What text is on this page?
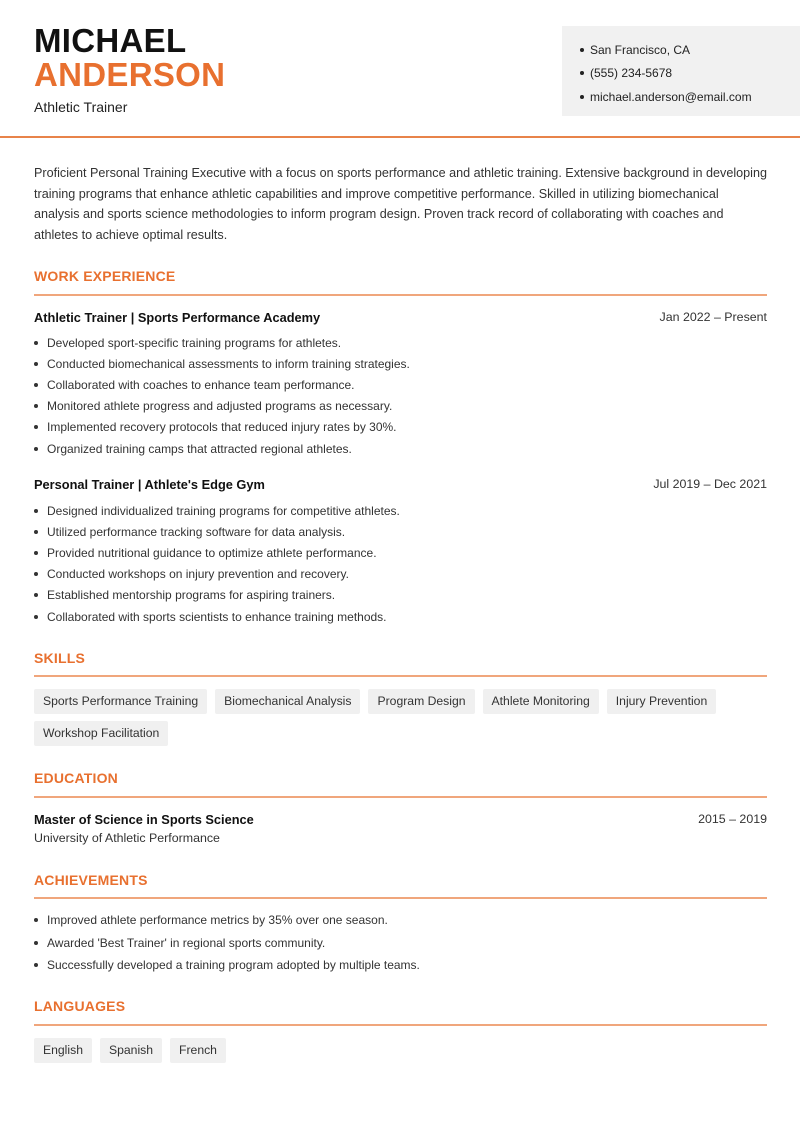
MICHAEL
ANDERSON
Athletic Trainer
San Francisco, CA
(555) 234-5678
michael.anderson@email.com

Proficient Personal Training Executive with a focus on sports performance and athletic training. Extensive background in developing training programs that enhance athletic capabilities and improve competitive performance. Skilled in utilizing biomechanical analysis and sports science methodologies to inform program design. Proven track record of collaborating with coaches and athletes to achieve optimal results.

WORK EXPERIENCE
Athletic Trainer | Sports Performance Academy	Jan 2022 – Present
Developed sport-specific training programs for athletes.
Conducted biomechanical assessments to inform training strategies.
Collaborated with coaches to enhance team performance.
Monitored athlete progress and adjusted programs as necessary.
Implemented recovery protocols that reduced injury rates by 30%.
Organized training camps that attracted regional athletes.
Personal Trainer | Athlete's Edge Gym	Jul 2019 – Dec 2021
Designed individualized training programs for competitive athletes.
Utilized performance tracking software for data analysis.
Provided nutritional guidance to optimize athlete performance.
Conducted workshops on injury prevention and recovery.
Established mentorship programs for aspiring trainers.
Collaborated with sports scientists to enhance training methods.
SKILLS
Sports Performance Training	Biomechanical Analysis	Program Design	Athlete Monitoring	Injury Prevention
Workshop Facilitation
EDUCATION
Master of Science in Sports Science	2015 – 2019
University of Athletic Performance
ACHIEVEMENTS
Improved athlete performance metrics by 35% over one season.
Awarded 'Best Trainer' in regional sports community.
Successfully developed a training program adopted by multiple teams.
LANGUAGES
English	Spanish	French
